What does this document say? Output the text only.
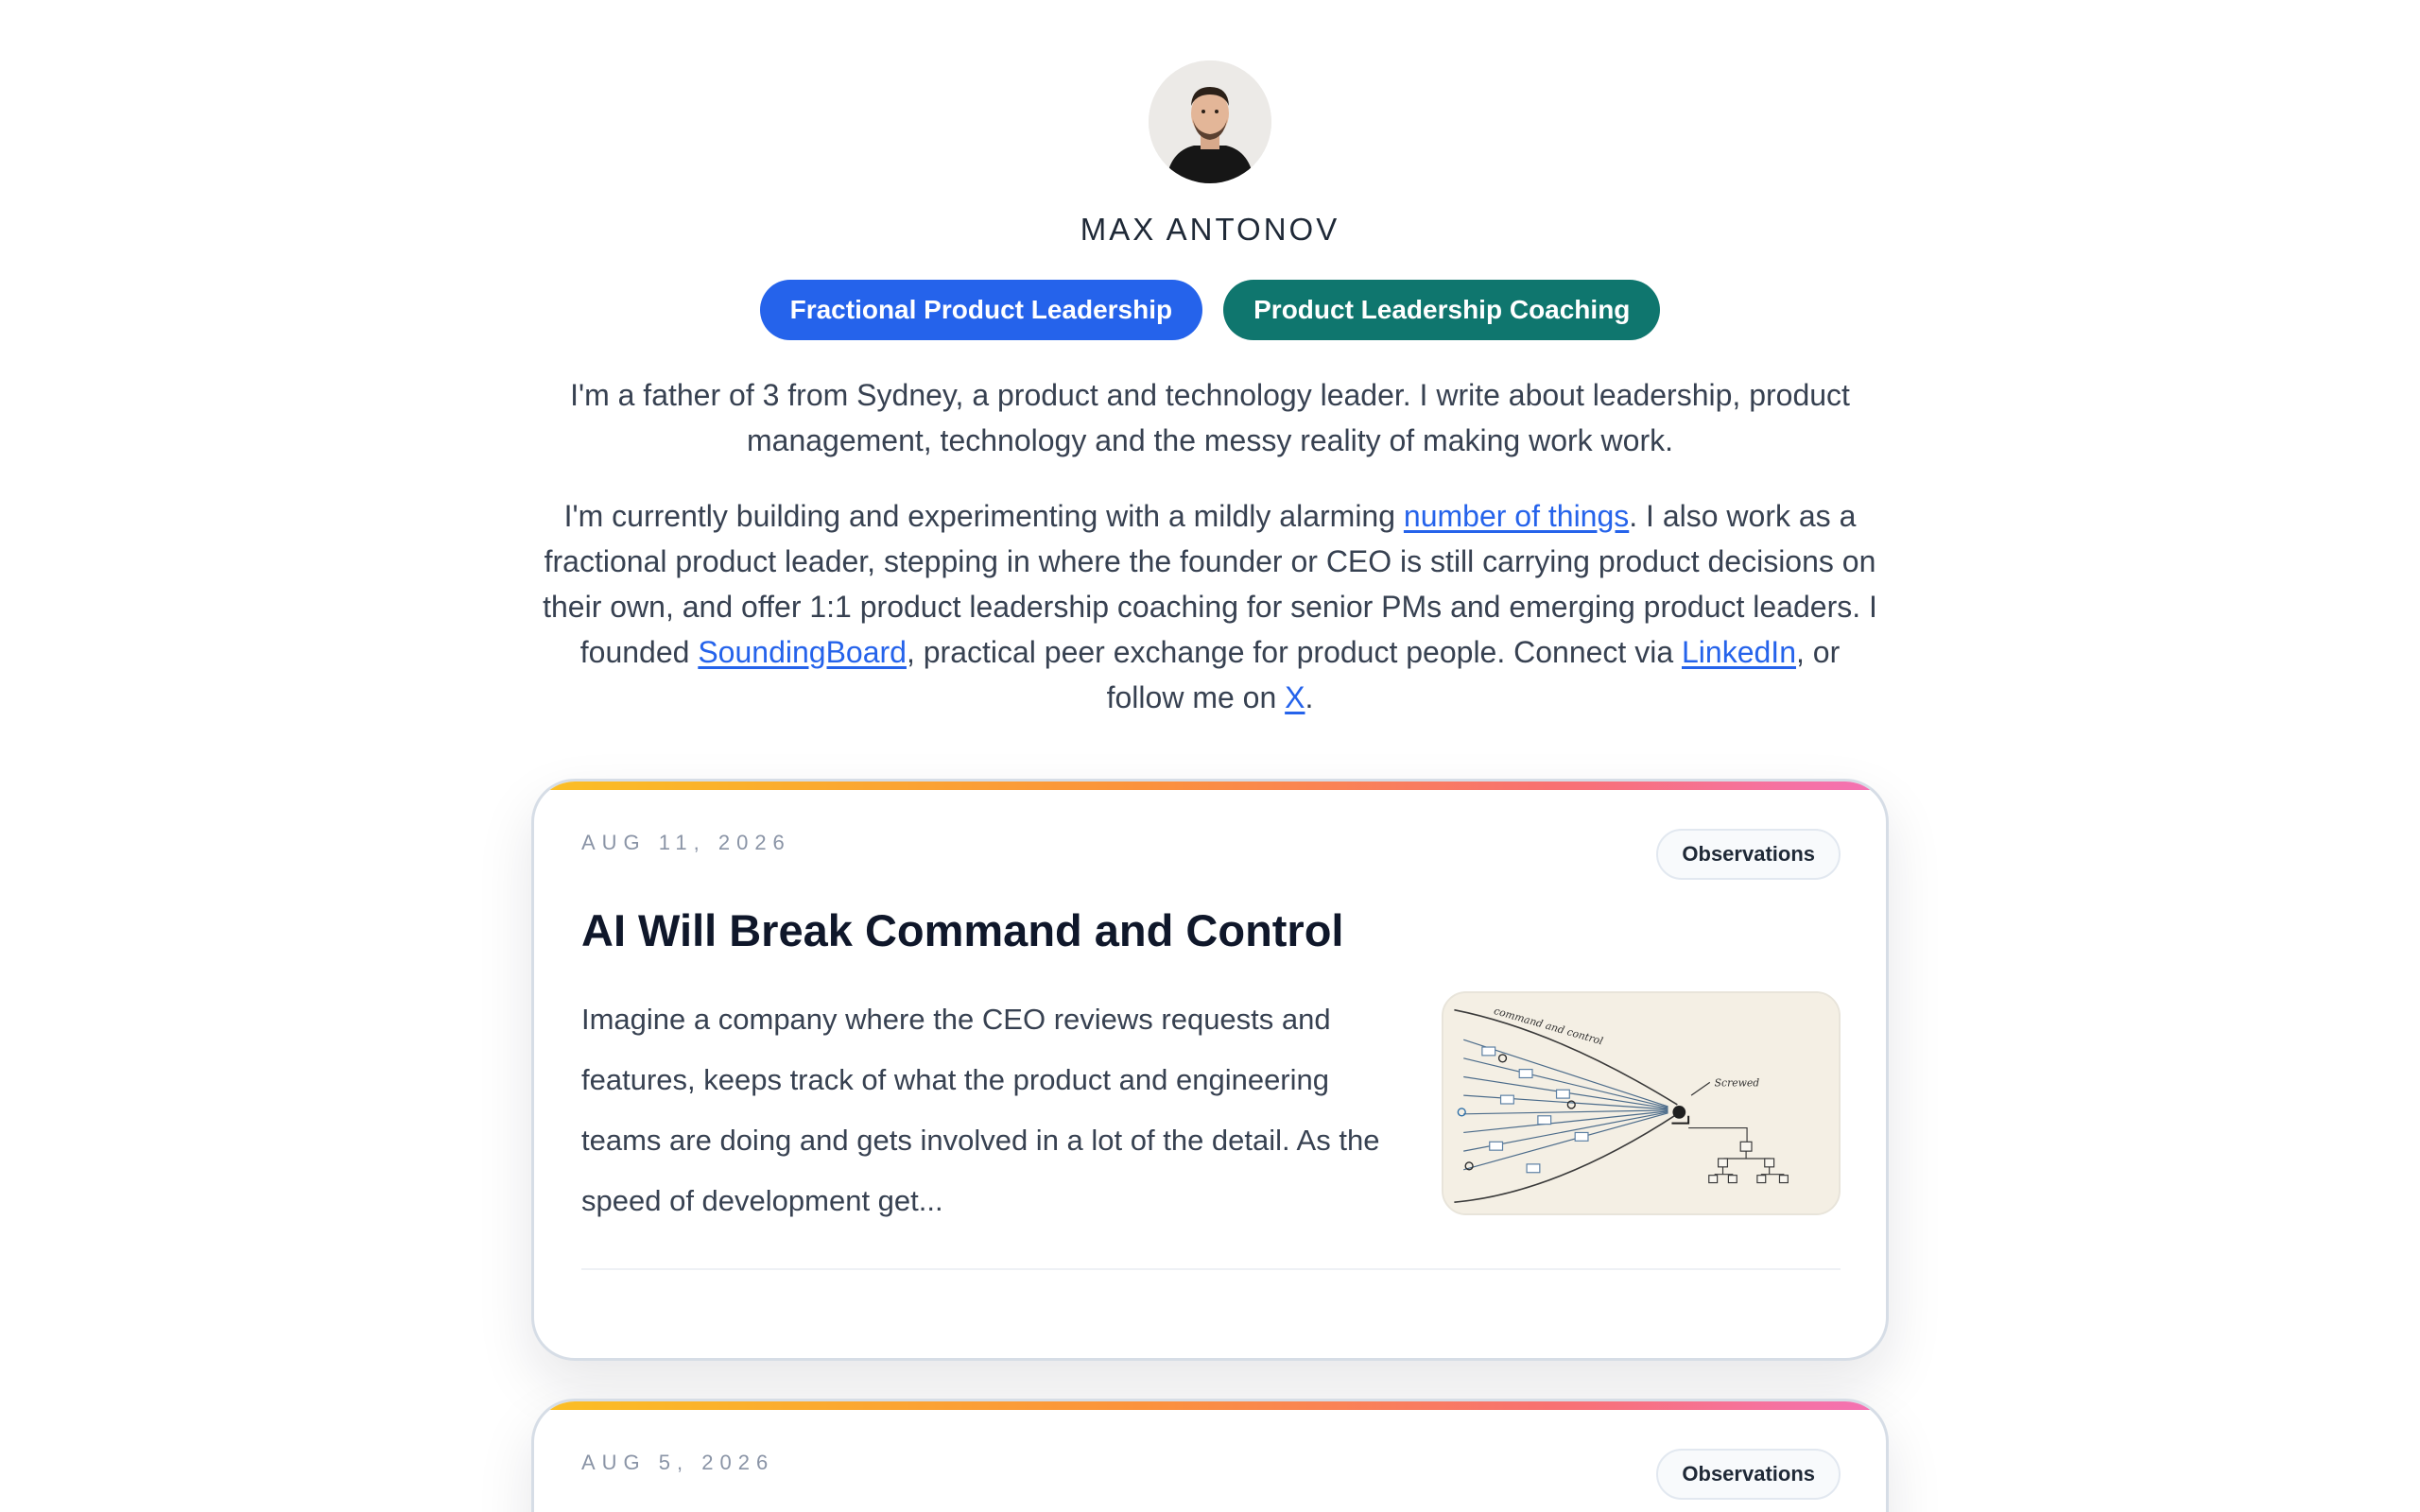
MAX ANTONOV
Fractional Product Leadership	Product Leadership Coaching

I'm a father of 3 from Sydney, a product and technology leader. I write about leadership, product management, technology and the messy reality of making work work.

I'm currently building and experimenting with a mildly alarming number of things. I also work as a fractional product leader, stepping in where the founder or CEO is still carrying product decisions on their own, and offer 1:1 product leadership coaching for senior PMs and emerging product leaders. I founded SoundingBoard, practical peer exchange for product people. Connect via LinkedIn, or follow me on X.

AUG 11, 2026	Observations
AI Will Break Command and Control
Imagine a company where the CEO reviews requests and features, keeps track of what the product and engineering teams are doing and gets involved in a lot of the detail. As the speed of development get...
Screwed
command and control
AUG 5, 2026	Observations
